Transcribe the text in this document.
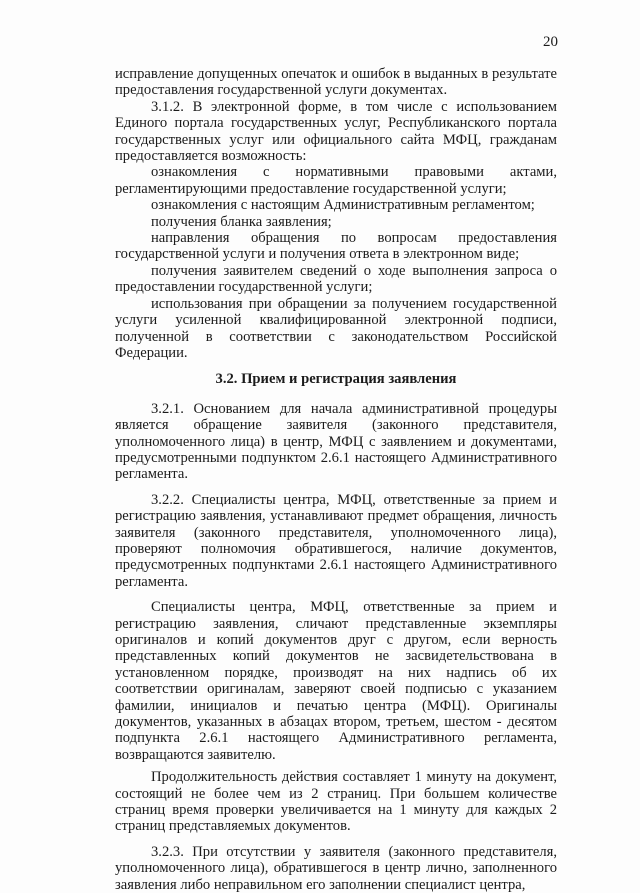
20

исправление допущенных опечаток и ошибок в выданных в результате предоставления государственной услуги документах.

3.1.2. В электронной форме, в том числе с использованием Единого портала государственных услуг, Республиканского портала государственных услуг или официального сайта МФЦ, гражданам предоставляется возможность:

ознакомления с нормативными правовыми актами, регламентирующими предоставление государственной услуги;

ознакомления с настоящим Административным регламентом;

получения бланка заявления;

направления обращения по вопросам предоставления государственной услуги и получения ответа в электронном виде;

получения заявителем сведений о ходе выполнения запроса о предоставлении государственной услуги;

использования при обращении за получением государственной услуги усиленной квалифицированной электронной подписи, полученной в соответствии с законодательством Российской Федерации.

3.2. Прием и регистрация заявления

3.2.1. Основанием для начала административной процедуры является обращение заявителя (законного представителя, уполномоченного лица) в центр, МФЦ с заявлением и документами, предусмотренными подпунктом 2.6.1 настоящего Административного регламента.

3.2.2. Специалисты центра, МФЦ, ответственные за прием и регистрацию заявления, устанавливают предмет обращения, личность заявителя (законного представителя, уполномоченного лица), проверяют полномочия обратившегося, наличие документов, предусмотренных подпунктами 2.6.1 настоящего Административного регламента.

Специалисты центра, МФЦ, ответственные за прием и регистрацию заявления, сличают представленные экземпляры оригиналов и копий документов друг с другом, если верность представленных копий документов не засвидетельствована в установленном порядке, производят на них надпись об их соответствии оригиналам, заверяют своей подписью с указанием фамилии, инициалов и печатью центра (МФЦ). Оригиналы документов, указанных в абзацах втором, третьем, шестом - десятом подпункта 2.6.1 настоящего Административного регламента, возвращаются заявителю.

Продолжительность действия составляет 1 минуту на документ, состоящий не более чем из 2 страниц. При большем количестве страниц время проверки увеличивается на 1 минуту для каждых 2 страниц представляемых документов.

3.2.3. При отсутствии у заявителя (законного представителя, уполномоченного лица), обратившегося в центр лично, заполненного заявления либо неправильном его заполнении специалист центра,
